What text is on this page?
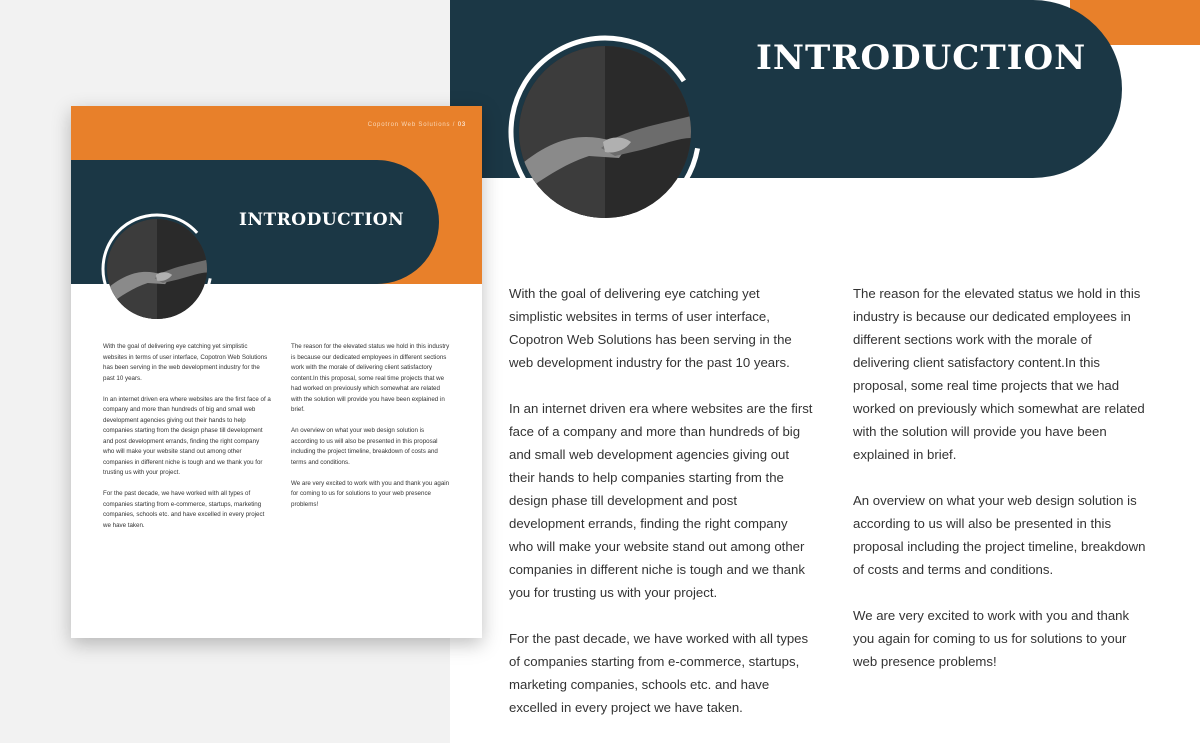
INTRODUCTION

With the goal of delivering eye catching yet simplistic websites in terms of user interface, Copotron Web Solutions has been serving in the web development industry for the past 10 years.

In an internet driven era where websites are the first face of a company and more than hundreds of big and small web development agencies giving out their hands to help companies starting from the design phase till development and post development errands, finding the right company who will make your website stand out among other companies in different niche is tough and we thank you for trusting us with your project.

For the past decade, we have worked with all types of companies starting from e-commerce, startups, marketing companies, schools etc. and have excelled in every project we have taken.

The reason for the elevated status we hold in this industry is because our dedicated employees in different sections work with the morale of delivering client satisfactory content.In this proposal, some real time projects that we had worked on previously which somewhat are related with the solution will provide you have been explained in brief.

An overview on what your web design solution is according to us will also be presented in this proposal including the project timeline, breakdown of costs and terms and conditions.

We are very excited to work with you and thank you again for coming to us for solutions to your web presence problems!

Copotron Web Solutions / 03

INTRODUCTION

With the goal of delivering eye catching yet simplistic websites in terms of user interface, Copotron Web Solutions has been serving in the web development industry for the past 10 years.

In an internet driven era where websites are the first face of a company and more than hundreds of big and small web development agencies giving out their hands to help companies starting from the design phase till development and post development errands, finding the right company who will make your website stand out among other companies in different niche is tough and we thank you for trusting us with your project.

For the past decade, we have worked with all types of companies starting from e-commerce, startups, marketing companies, schools etc. and have excelled in every project we have taken.

The reason for the elevated status we hold in this industry is because our dedicated employees in different sections work with the morale of delivering client satisfactory content.In this proposal, some real time projects that we had worked on previously which somewhat are related with the solution will provide you have been explained in brief.

An overview on what your web design solution is according to us will also be presented in this proposal including the project timeline, breakdown of costs and terms and conditions.

We are very excited to work with you and thank you again for coming to us for solutions to your web presence problems!
